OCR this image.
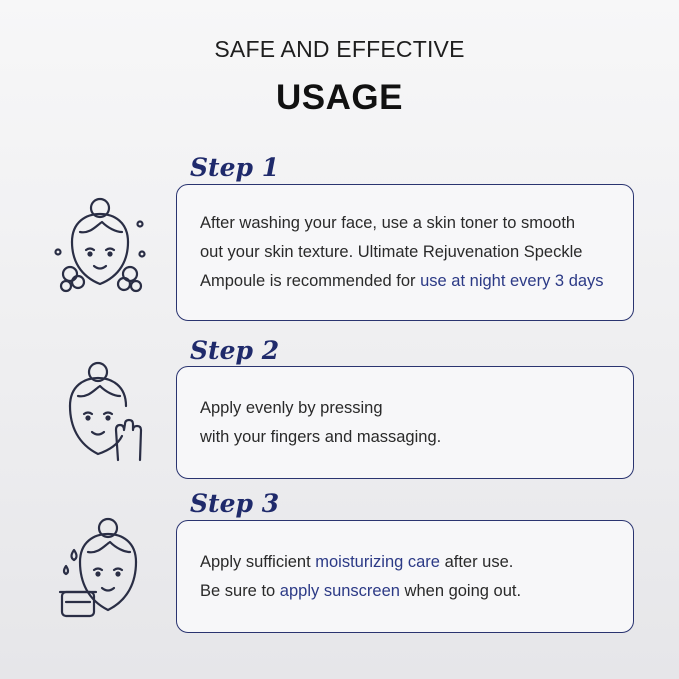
SAFE AND EFFECTIVE
USAGE
Step 1
After washing your face, use a skin toner to smooth
out your skin texture. Ultimate Rejuvenation Speckle
Ampoule is recommended for use at night every 3 days
Step 2
Apply evenly by pressing
with your fingers and massaging.
Step 3
Apply sufficient moisturizing care after use.
Be sure to apply sunscreen when going out.
